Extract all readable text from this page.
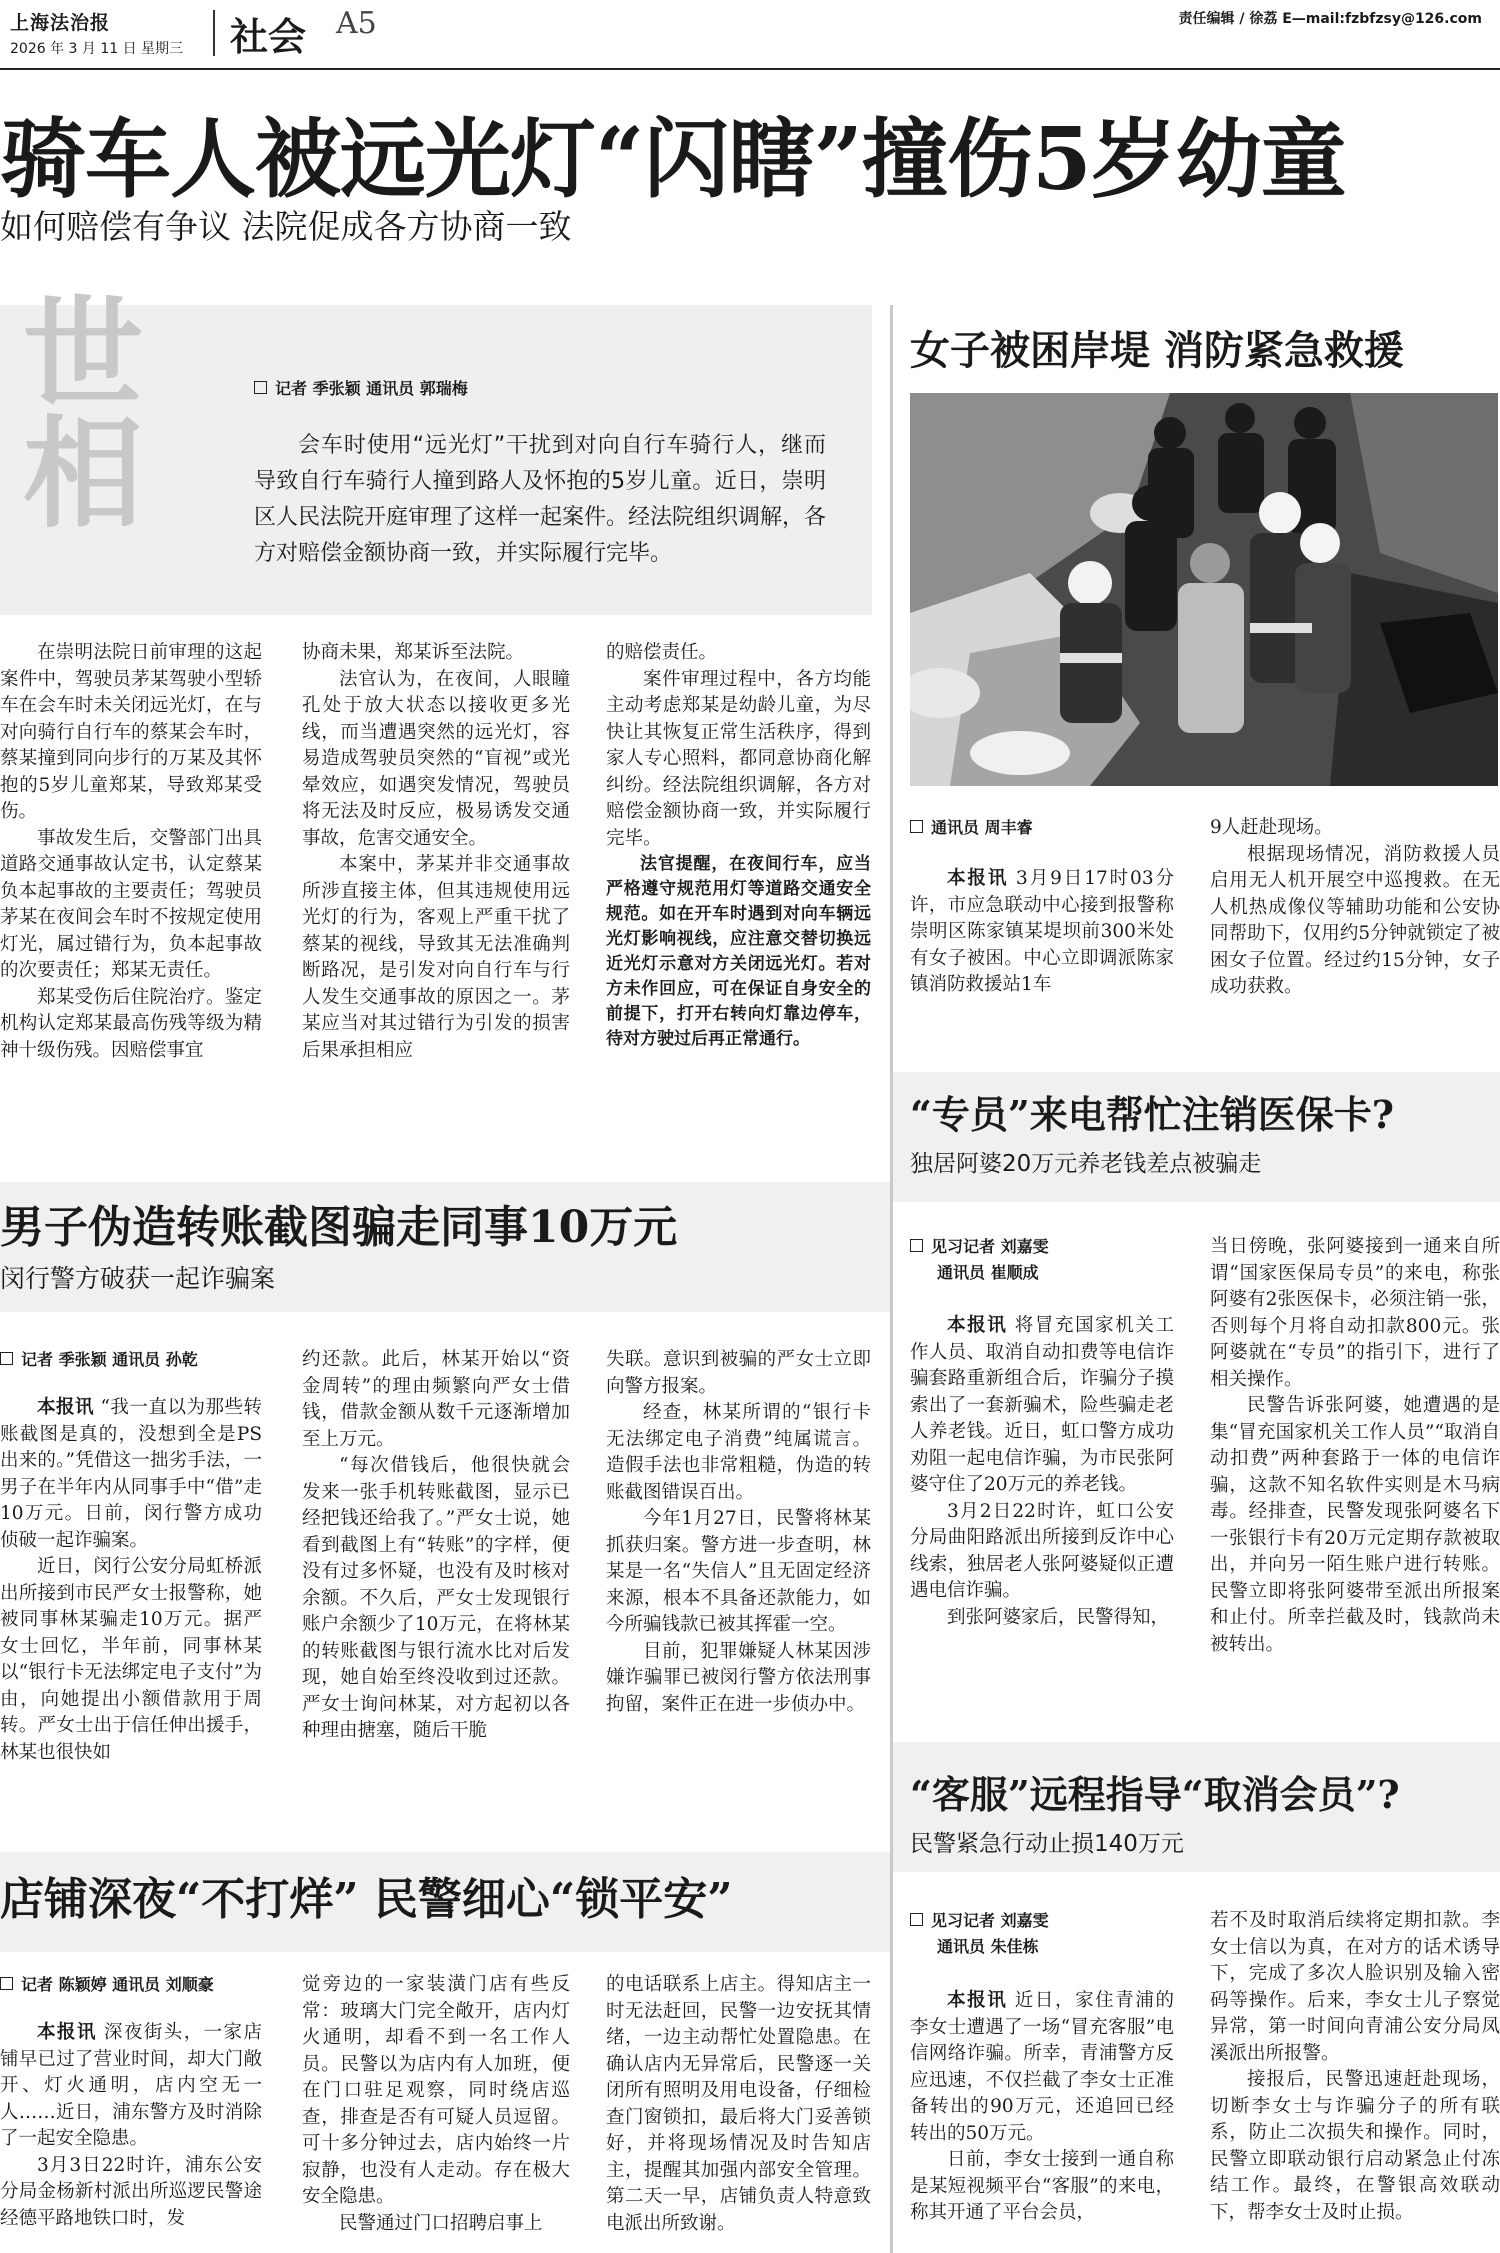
上海法治报
2026 年 3 月 11 日 星期三 社会 A5	责任编辑 / 徐荔 E—mail:fzbfzsy@126.com
骑车人被远光灯“闪瞎”撞伤5岁幼童
如何赔偿有争议 法院促成各方协商一致
世相	记者 季张颖 通讯员 郭瑞梅
会车时使用“远光灯”干扰到对向自行车骑行人，继而导致自行车骑行人撞到路人及怀抱的5岁儿童。近日，崇明区人民法院开庭审理了这样一起案件。经法院组织调解，各方对赔偿金额协商一致，并实际履行完毕。

在崇明法院日前审理的这起案件中，驾驶员茅某驾驶小型轿车在会车时未关闭远光灯，在与对向骑行自行车的蔡某会车时，蔡某撞到同向步行的万某及其怀抱的5岁儿童郑某，导致郑某受伤。

事故发生后，交警部门出具道路交通事故认定书，认定蔡某负本起事故的主要责任；驾驶员茅某在夜间会车时不按规定使用灯光，属过错行为，负本起事故的次要责任；郑某无责任。

郑某受伤后住院治疗。鉴定机构认定郑某最高伤残等级为精神十级伤残。因赔偿事宜

协商未果，郑某诉至法院。

法官认为，在夜间，人眼瞳孔处于放大状态以接收更多光线，而当遭遇突然的远光灯，容易造成驾驶员突然的“盲视”或光晕效应，如遇突发情况，驾驶员将无法及时反应，极易诱发交通事故，危害交通安全。

本案中，茅某并非交通事故所涉直接主体，但其违规使用远光灯的行为，客观上严重干扰了蔡某的视线，导致其无法准确判断路况，是引发对向自行车与行人发生交通事故的原因之一。茅某应当对其过错行为引发的损害后果承担相应

的赔偿责任。

案件审理过程中，各方均能主动考虑郑某是幼龄儿童，为尽快让其恢复正常生活秩序，得到家人专心照料，都同意协商化解纠纷。经法院组织调解，各方对赔偿金额协商一致，并实际履行完毕。

法官提醒，在夜间行车，应当严格遵守规范用灯等道路交通安全规范。如在开车时遇到对向车辆远光灯影响视线，应注意交替切换远近光灯示意对方关闭远光灯。若对方未作回应，可在保证自身安全的前提下，打开右转向灯靠边停车，待对方驶过后再正常通行。

女子被困岸堤 消防紧急救援
通讯员 周丰睿

本报讯 3月9日17时03分许，市应急联动中心接到报警称崇明区陈家镇某堤坝前300米处有女子被困。中心立即调派陈家镇消防救援站1车

9人赶赴现场。

根据现场情况，消防救援人员启用无人机开展空中巡搜救。在无人机热成像仪等辅助功能和公安协同帮助下，仅用约5分钟就锁定了被困女子位置。经过约15分钟，女子成功获救。

“专员”来电帮忙注销医保卡?
独居阿婆20万元养老钱差点被骗走
见习记者 刘嘉雯
通讯员 崔顺成

本报讯 将冒充国家机关工作人员、取消自动扣费等电信诈骗套路重新组合后，诈骗分子摸索出了一套新骗术，险些骗走老人养老钱。近日，虹口警方成功劝阻一起电信诈骗，为市民张阿婆守住了20万元的养老钱。

3月2日22时许，虹口公安分局曲阳路派出所接到反诈中心线索，独居老人张阿婆疑似正遭遇电信诈骗。

到张阿婆家后，民警得知，

当日傍晚，张阿婆接到一通来自所谓“国家医保局专员”的来电，称张阿婆有2张医保卡，必须注销一张，否则每个月将自动扣款800元。张阿婆就在“专员”的指引下，进行了相关操作。

民警告诉张阿婆，她遭遇的是集“冒充国家机关工作人员”“取消自动扣费”两种套路于一体的电信诈骗，这款不知名软件实则是木马病毒。经排查，民警发现张阿婆名下一张银行卡有20万元定期存款被取出，并向另一陌生账户进行转账。民警立即将张阿婆带至派出所报案和止付。所幸拦截及时，钱款尚未被转出。

“客服”远程指导“取消会员”?
民警紧急行动止损140万元
见习记者 刘嘉雯
通讯员 朱佳栋

本报讯 近日，家住青浦的李女士遭遇了一场“冒充客服”电信网络诈骗。所幸，青浦警方反应迅速，不仅拦截了李女士正准备转出的90万元，还追回已经转出的50万元。

日前，李女士接到一通自称是某短视频平台“客服”的来电，称其开通了平台会员，

若不及时取消后续将定期扣款。李女士信以为真，在对方的话术诱导下，完成了多次人脸识别及输入密码等操作。后来，李女士儿子察觉异常，第一时间向青浦公安分局凤溪派出所报警。

接报后，民警迅速赶赴现场，切断李女士与诈骗分子的所有联系，防止二次损失和操作。同时，民警立即联动银行启动紧急止付冻结工作。最终，在警银高效联动下，帮李女士及时止损。

男子伪造转账截图骗走同事10万元
闵行警方破获一起诈骗案
记者 季张颖 通讯员 孙乾

本报讯 “我一直以为那些转账截图是真的，没想到全是PS出来的。”凭借这一拙劣手法，一男子在半年内从同事手中“借”走10万元。日前，闵行警方成功侦破一起诈骗案。

近日，闵行公安分局虹桥派出所接到市民严女士报警称，她被同事林某骗走10万元。据严女士回忆，半年前，同事林某以“银行卡无法绑定电子支付”为由，向她提出小额借款用于周转。严女士出于信任伸出援手，林某也很快如

约还款。此后，林某开始以“资金周转”的理由频繁向严女士借钱，借款金额从数千元逐渐增加至上万元。

“每次借钱后，他很快就会发来一张手机转账截图，显示已经把钱还给我了。”严女士说，她看到截图上有“转账”的字样，便没有过多怀疑，也没有及时核对余额。不久后，严女士发现银行账户余额少了10万元，在将林某的转账截图与银行流水比对后发现，她自始至终没收到过还款。严女士询问林某，对方起初以各种理由搪塞，随后干脆

失联。意识到被骗的严女士立即向警方报案。

经查，林某所谓的“银行卡无法绑定电子消费”纯属谎言。造假手法也非常粗糙，伪造的转账截图错误百出。

今年1月27日，民警将林某抓获归案。警方进一步查明，林某是一名“失信人”且无固定经济来源，根本不具备还款能力，如今所骗钱款已被其挥霍一空。

目前，犯罪嫌疑人林某因涉嫌诈骗罪已被闵行警方依法刑事拘留，案件正在进一步侦办中。

店铺深夜“不打烊” 民警细心“锁平安”
记者 陈颖婷 通讯员 刘顺豪

本报讯 深夜街头，一家店铺早已过了营业时间，却大门敞开、灯火通明，店内空无一人……近日，浦东警方及时消除了一起安全隐患。

3月3日22时许，浦东公安分局金杨新村派出所巡逻民警途经德平路地铁口时，发

觉旁边的一家装潢门店有些反常：玻璃大门完全敞开，店内灯火通明，却看不到一名工作人员。民警以为店内有人加班，便在门口驻足观察，同时绕店巡查，排查是否有可疑人员逗留。可十多分钟过去，店内始终一片寂静，也没有人走动。存在极大安全隐患。

民警通过门口招聘启事上

的电话联系上店主。得知店主一时无法赶回，民警一边安抚其情绪，一边主动帮忙处置隐患。在确认店内无异常后，民警逐一关闭所有照明及用电设备，仔细检查门窗锁扣，最后将大门妥善锁好，并将现场情况及时告知店主，提醒其加强内部安全管理。第二天一早，店铺负责人特意致电派出所致谢。
